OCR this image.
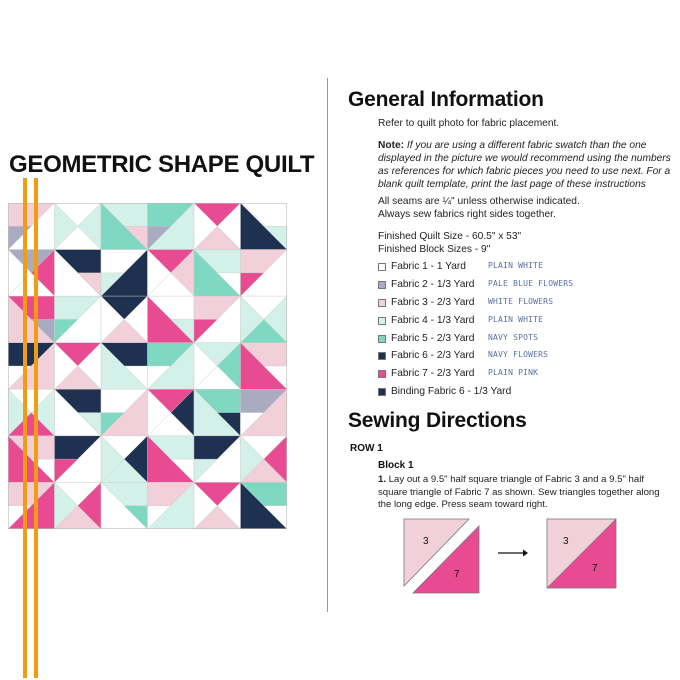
GEOMETRIC SHAPE QUILT
General Information
Refer to quilt photo for fabric placement.
Note: If you are using a different fabric swatch than the one displayed in the picture we would recommend using the numbers as references for which fabric pieces you need to use next. For a blank quilt template, print the last page of these instructions
All seams are ¼" unless otherwise indicated.
Always sew fabrics right sides together.
Finished Quilt Size - 60.5" x 53"
Finished Block Sizes - 9"
Fabric 1 - 1 Yard	PLAIN WHITE
Fabric 2 - 1/3 Yard PALE BLUE FLOWERS
Fabric 3 - 2/3 Yard WHITE FLOWERS
Fabric 4 - 1/3 Yard PLAIN WHITE
Fabric 5 - 2/3 Yard NAVY SPOTS
Fabric 6 - 2/3 Yard NAVY FLOWERS
Fabric 7 - 2/3 Yard PLAIN PINK
Binding Fabric 6 - 1/3 Yard
Sewing Directions
ROW 1
Block 1
1. Lay out a 9.5" half square triangle of Fabric 3 and a 9.5" half square triangle of Fabric 7 as shown. Sew triangles together along the long edge. Press seam toward right.
3
7
3
7
